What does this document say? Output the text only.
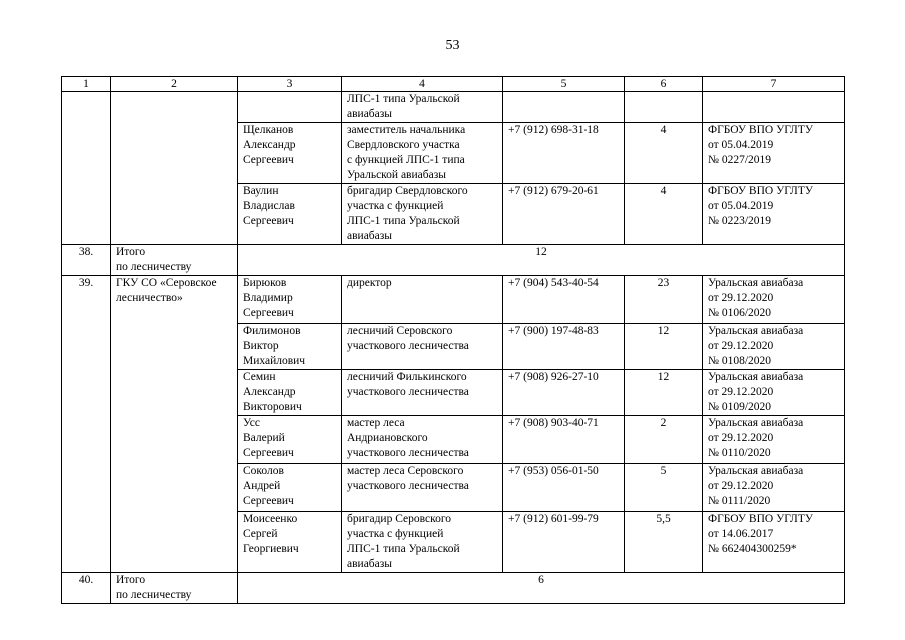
53
1	2	3	4	5	6	7
			ЛПС-1 типа Уральской
авиабазы			
		Щелканов
Александр
Сергеевич	заместитель начальника
Свердловского участка
с функцией ЛПС-1 типа
Уральской авиабазы	+7 (912) 698-31-18	4	ФГБОУ ВПО УГЛТУ
от 05.04.2019
№ 0227/2019
		Ваулин
Владислав
Сергеевич	бригадир Свердловского
участка с функцией
ЛПС-1 типа Уральской
авиабазы	+7 (912) 679-20-61	4	ФГБОУ ВПО УГЛТУ
от 05.04.2019
№ 0223/2019
38.	Итого
по лесничеству	12				
39.	ГКУ СО «Серовское
лесничество»	Бирюков
Владимир
Сергеевич	директор	+7 (904) 543-40-54	23	Уральская авиабаза
от 29.12.2020
№ 0106/2020
		Филимонов
Виктор
Михайлович	лесничий Серовского
участкового лесничества	+7 (900) 197-48-83	12	Уральская авиабаза
от 29.12.2020
№ 0108/2020
		Семин
Александр
Викторович	лесничий Филькинского
участкового лесничества	+7 (908) 926-27-10	12	Уральская авиабаза
от 29.12.2020
№ 0109/2020
		Усс
Валерий
Сергеевич	мастер леса
Андриановского
участкового лесничества	+7 (908) 903-40-71	2	Уральская авиабаза
от 29.12.2020
№ 0110/2020
		Соколов
Андрей
Сергеевич	мастер леса Серовского
участкового лесничества	+7 (953) 056-01-50	5	Уральская авиабаза
от 29.12.2020
№ 0111/2020
		Моисеенко
Сергей
Георгиевич	бригадир Серовского
участка с функцией
ЛПС-1 типа Уральской
авиабазы	+7 (912) 601-99-79	5,5	ФГБОУ ВПО УГЛТУ
от 14.06.2017
№ 662404300259*
40.	Итого
по лесничеству	6				
